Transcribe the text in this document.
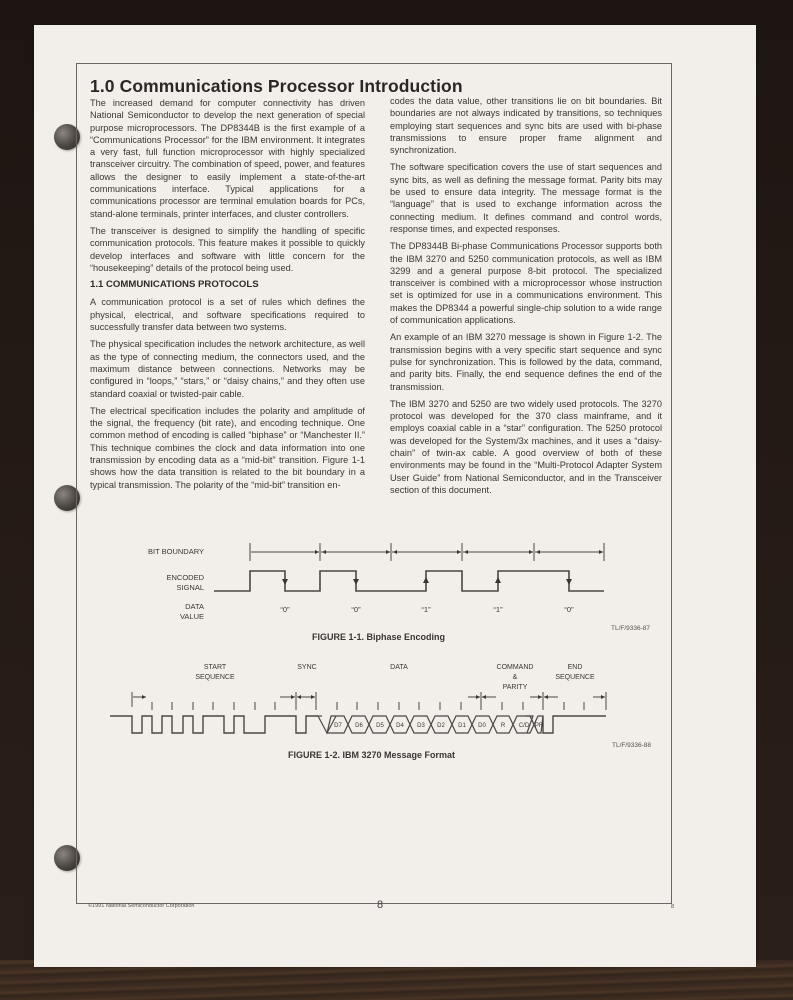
1.0 Communications Processor Introduction

The increased demand for computer connectivity has driven National Semiconductor to develop the next generation of special purpose microprocessors. The DP8344B is the first example of a “Communications Processor” for the IBM environment. It integrates a very fast, full function microprocessor with highly specialized transceiver circuitry. The combination of speed, power, and features allows the designer to easily implement a state-of-the-art communications interface. Typical applications for a communications processor are terminal emulation boards for PCs, stand-alone terminals, printer interfaces, and cluster controllers.

The transceiver is designed to simplify the handling of specific communication protocols. This feature makes it possible to quickly develop interfaces and software with little concern for the “housekeeping” details of the protocol being used.

1.1 COMMUNICATIONS PROTOCOLS

A communication protocol is a set of rules which defines the physical, electrical, and software specifications required to successfully transfer data between two systems.

The physical specification includes the network architecture, as well as the type of connecting medium, the connectors used, and the maximum distance between connections. Networks may be configured in “loops,” “stars,” or “daisy chains,” and they often use standard coaxial or twisted-pair cable.

The electrical specification includes the polarity and amplitude of the signal, the frequency (bit rate), and encoding technique. One common method of encoding is called “biphase” or “Manchester II.” This technique combines the clock and data information into one transmission by encoding data as a “mid-bit” transition. Figure 1-1 shows how the data transition is related to the bit boundary in a typical transmission. The polarity of the “mid-bit” transition en-

codes the data value, other transitions lie on bit boundaries. Bit boundaries are not always indicated by transitions, so techniques employing start sequences and sync bits are used with bi-phase transmissions to ensure proper frame alignment and synchronization.

The software specification covers the use of start sequences and sync bits, as well as defining the message format. Parity bits may be used to ensure data integrity. The message format is the “language” that is used to exchange information across the connecting medium. It defines command and control words, response times, and expected responses.

The DP8344B Bi-phase Communications Processor supports both the IBM 3270 and 5250 communication protocols, as well as IBM 3299 and a general purpose 8-bit protocol. The specialized transceiver is combined with a microprocessor whose instruction set is optimized for use in a communications environment. This makes the DP8344 a powerful single-chip solution to a wide range of communication applications.

An example of an IBM 3270 message is shown in Figure 1-2. The transmission begins with a very specific start sequence and sync pulse for synchronization. This is followed by the data, command, and parity bits. Finally, the end sequence defines the end of the transmission.

The IBM 3270 and 5250 are two widely used protocols. The 3270 protocol was developed for the 370 class mainframe, and it employs coaxial cable in a “star” configuration. The 5250 protocol was developed for the System/3x machines, and it uses a “daisy-chain” of twin-ax cable. A good overview of both of these environments may be found in the “Multi-Protocol Adapter System User Guide” from National Semiconductor, and in the Transceiver section of this document.

BIT BOUNDARY
ENCODED
SIGNAL
DATA
VALUE
“0”	“0”	“1”	“1”	“0”
FIGURE 1-1. Biphase Encoding
TL/F/9336-87
START
SEQUENCE
SYNC	DATA	COMMAND
&
PARITY
END
SEQUENCE
D7 D6 D5 D4 D3 D2 D1 D0 R C/D PR
FIGURE 1-2. IBM 3270 Message Format
TL/F/9336-88
©1991 National Semiconductor Corporation	8	8
